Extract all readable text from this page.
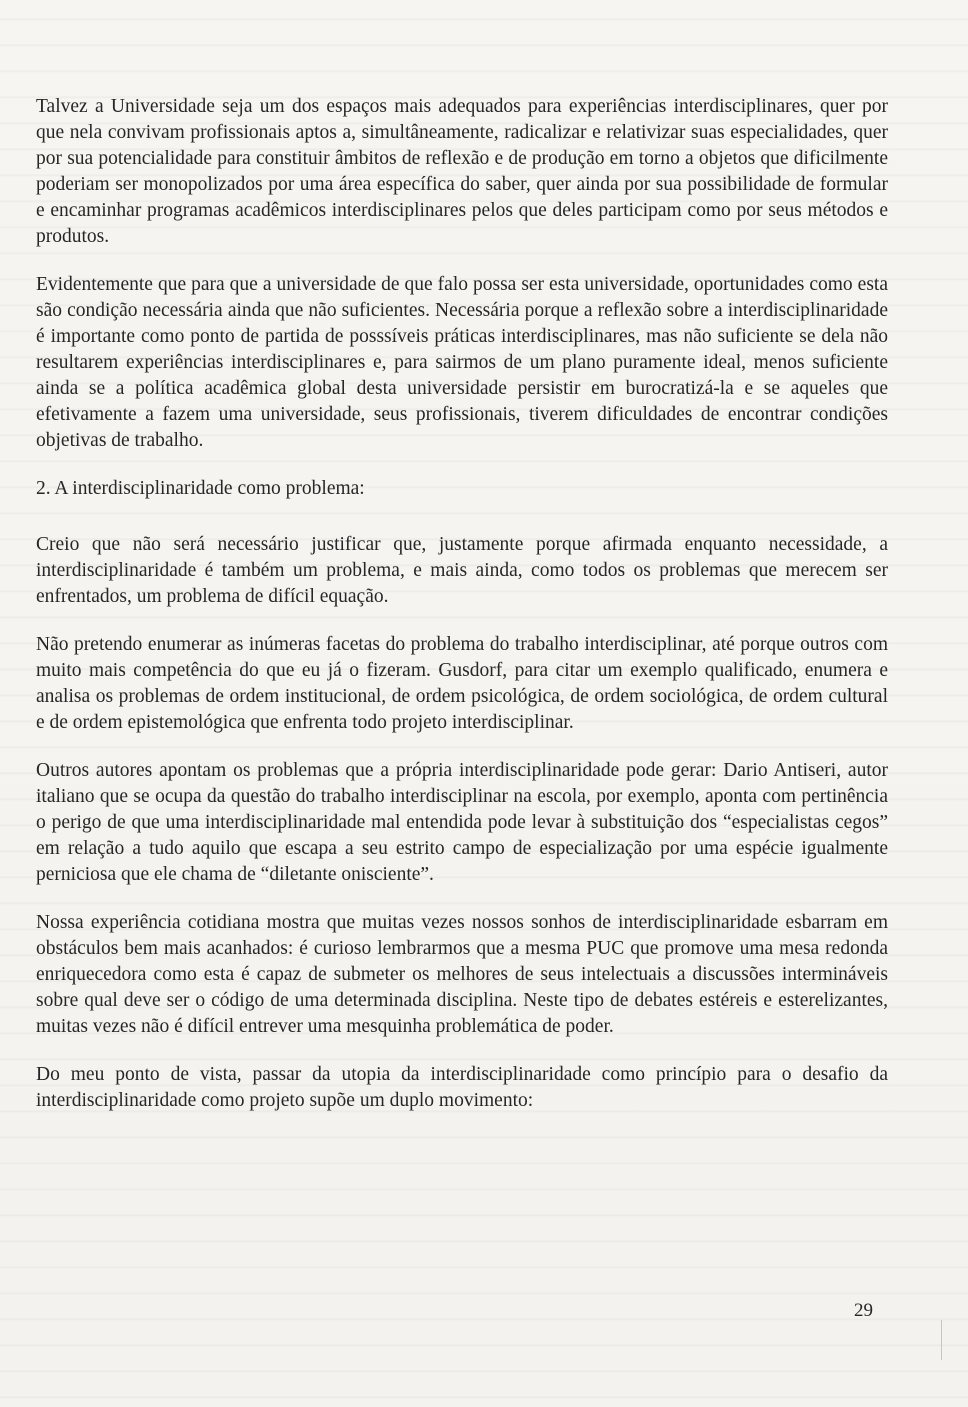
Talvez a Universidade seja um dos espaços mais adequados para experiências interdisciplinares, quer por que nela convivam profissionais aptos a, simultâneamente, radicalizar e relativizar suas especialidades, quer por sua potencialidade para constituir âmbitos de reflexão e de produção em torno a objetos que dificilmente poderiam ser monopolizados por uma área específica do saber, quer ainda por sua possibilidade de formular e encaminhar programas acadêmicos interdisciplinares pelos que deles participam como por seus métodos e produtos.

Evidentemente que para que a universidade de que falo possa ser esta universidade, oportunidades como esta são condição necessária ainda que não suficientes. Necessária porque a reflexão sobre a interdisciplinaridade é importante como ponto de partida de posssíveis práticas interdisciplinares, mas não suficiente se dela não resultarem experiências interdisciplinares e, para sairmos de um plano puramente ideal, menos suficiente ainda se a política acadêmica global desta universidade persistir em burocratizá-la e se aqueles que efetivamente a fazem uma universidade, seus profissionais, tiverem dificuldades de encontrar condições objetivas de trabalho.

2. A interdisciplinaridade como problema:

Creio que não será necessário justificar que, justamente porque afirmada enquanto necessidade, a interdisciplinaridade é também um problema, e mais ainda, como todos os problemas que merecem ser enfrentados, um problema de difícil equação.

Não pretendo enumerar as inúmeras facetas do problema do trabalho interdisciplinar, até porque outros com muito mais competência do que eu já o fizeram. Gusdorf, para citar um exemplo qualificado, enumera e analisa os problemas de ordem institucional, de ordem psicológica, de ordem sociológica, de ordem cultural e de ordem epistemológica que enfrenta todo projeto interdisciplinar.

Outros autores apontam os problemas que a própria interdisciplinaridade pode gerar: Dario Antiseri, autor italiano que se ocupa da questão do trabalho interdisciplinar na escola, por exemplo, aponta com pertinência o perigo de que uma interdisciplinaridade mal entendida pode levar à substituição dos “especialistas cegos” em relação a tudo aquilo que escapa a seu estrito campo de especialização por uma espécie igualmente perniciosa que ele chama de “diletante onisciente”.

Nossa experiência cotidiana mostra que muitas vezes nossos sonhos de interdisciplinaridade esbarram em obstáculos bem mais acanhados: é curioso lembrarmos que a mesma PUC que promove uma mesa redonda enriquecedora como esta é capaz de submeter os melhores de seus intelectuais a discussões intermináveis sobre qual deve ser o código de uma determinada disciplina. Neste tipo de debates estéreis e esterelizantes, muitas vezes não é difícil entrever uma mesquinha problemática de poder.

Do meu ponto de vista, passar da utopia da interdisciplinaridade como princípio para o desafio da interdisciplinaridade como projeto supõe um duplo movimento:

29
